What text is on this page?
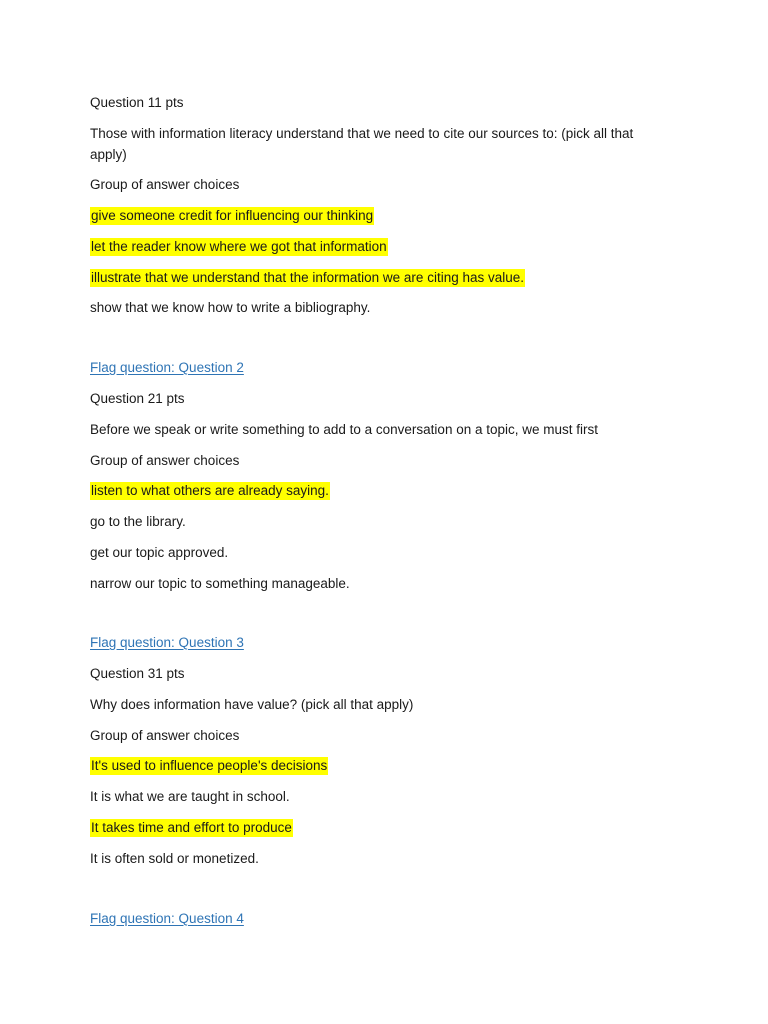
Question 11 pts
Those with information literacy understand that we need to cite our sources to: (pick all that apply)
Group of answer choices
give someone credit for influencing our thinking
let the reader know where we got that information
illustrate that we understand that the information we are citing has value.
show that we know how to write a bibliography.
Flag question: Question 2
Question 21 pts
Before we speak or write something to add to a conversation on a topic, we must first
Group of answer choices
listen to what others are already saying.
go to the library.
get our topic approved.
narrow our topic to something manageable.
Flag question: Question 3
Question 31 pts
Why does information have value? (pick all that apply)
Group of answer choices
It's used to influence people's decisions
It is what we are taught in school.
It takes time and effort to produce
It is often sold or monetized.
Flag question: Question 4
